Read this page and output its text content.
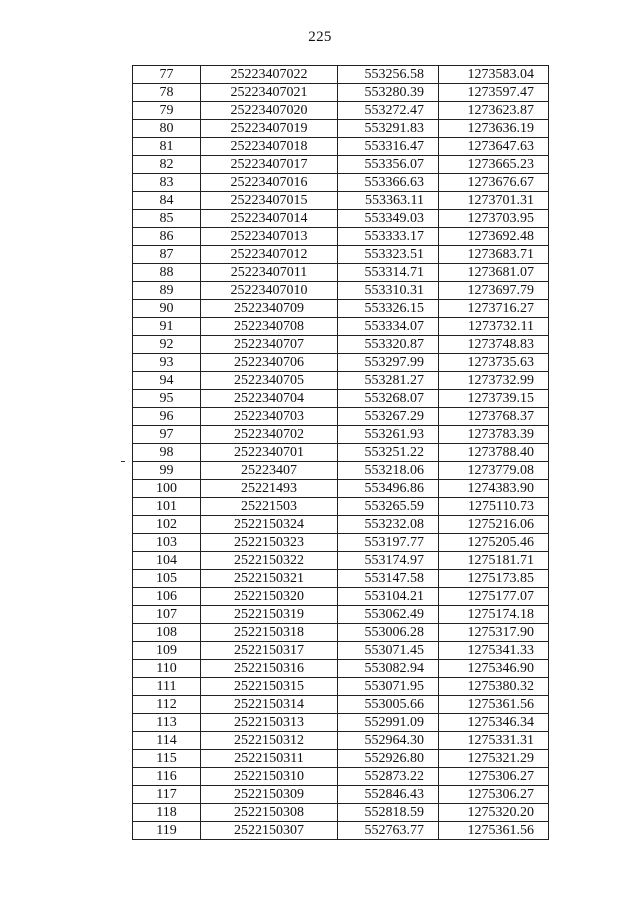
225
77	25223407022	553256.58	1273583.04
78	25223407021	553280.39	1273597.47
79	25223407020	553272.47	1273623.87
80	25223407019	553291.83	1273636.19
81	25223407018	553316.47	1273647.63
82	25223407017	553356.07	1273665.23
83	25223407016	553366.63	1273676.67
84	25223407015	553363.11	1273701.31
85	25223407014	553349.03	1273703.95
86	25223407013	553333.17	1273692.48
87	25223407012	553323.51	1273683.71
88	25223407011	553314.71	1273681.07
89	25223407010	553310.31	1273697.79
90	2522340709	553326.15	1273716.27
91	2522340708	553334.07	1273732.11
92	2522340707	553320.87	1273748.83
93	2522340706	553297.99	1273735.63
94	2522340705	553281.27	1273732.99
95	2522340704	553268.07	1273739.15
96	2522340703	553267.29	1273768.37
97	2522340702	553261.93	1273783.39
98	2522340701	553251.22	1273788.40
99	25223407	553218.06	1273779.08
100	25221493	553496.86	1274383.90
101	25221503	553265.59	1275110.73
102	2522150324	553232.08	1275216.06
103	2522150323	553197.77	1275205.46
104	2522150322	553174.97	1275181.71
105	2522150321	553147.58	1275173.85
106	2522150320	553104.21	1275177.07
107	2522150319	553062.49	1275174.18
108	2522150318	553006.28	1275317.90
109	2522150317	553071.45	1275341.33
110	2522150316	553082.94	1275346.90
111	2522150315	553071.95	1275380.32
112	2522150314	553005.66	1275361.56
113	2522150313	552991.09	1275346.34
114	2522150312	552964.30	1275331.31
115	2522150311	552926.80	1275321.29
116	2522150310	552873.22	1275306.27
117	2522150309	552846.43	1275306.27
118	2522150308	552818.59	1275320.20
119	2522150307	552763.77	1275361.56
